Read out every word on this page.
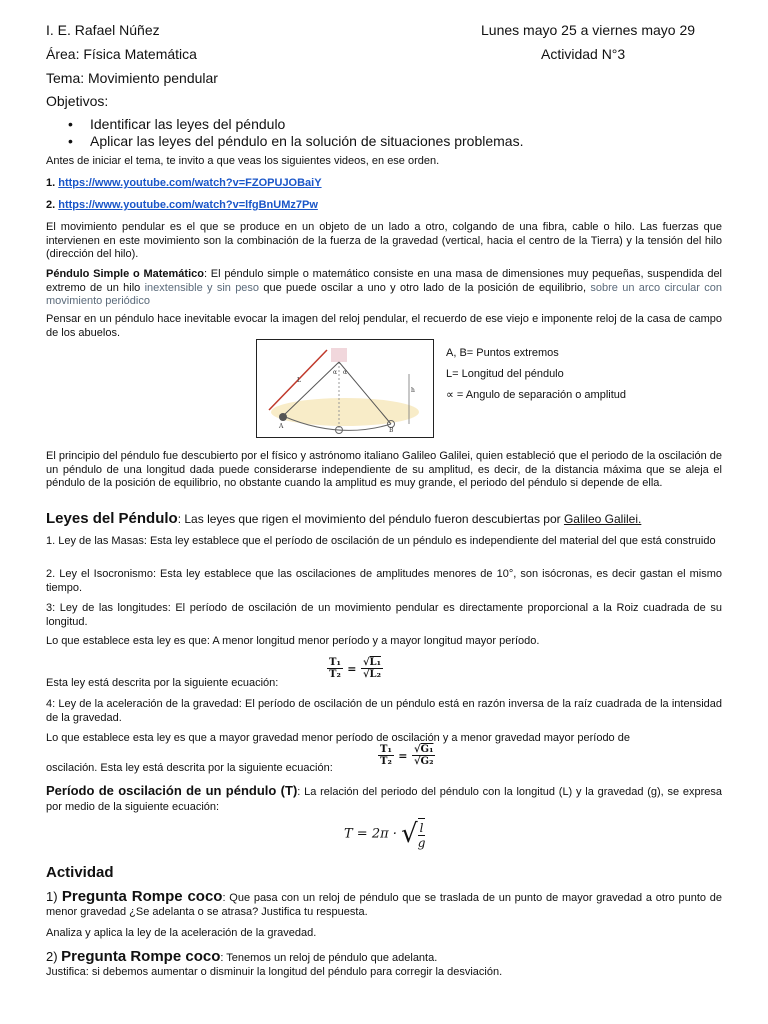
I. E. Rafael Núñez	Lunes mayo 25 a viernes mayo 29
Área: Física Matemática	Actividad N°3
Tema: Movimiento pendular
Objetivos:
• Identificar las leyes del péndulo
• Aplicar las leyes del péndulo en la solución de situaciones problemas.
Antes de iniciar el tema, te invito a que veas los siguientes videos, en ese orden.
1. https://www.youtube.com/watch?v=FZOPUJOBaiY
2. https://www.youtube.com/watch?v=lfgBnUMz7Pw
El movimiento pendular es el que se produce en un objeto de un lado a otro, colgando de una fibra, cable o hilo. Las fuerzas que intervienen en este movimiento son la combinación de la fuerza de la gravedad (vertical, hacia el centro de la Tierra) y la tensión del hilo (dirección del hilo).
Péndulo Simple o Matemático: El péndulo simple o matemático consiste en una masa de dimensiones muy pequeñas, suspendida del extremo de un hilo inextensible y sin peso que puede oscilar a uno y otro lado de la posición de equilibrio, sobre un arco circular con movimiento periódico
Pensar en un péndulo hace inevitable evocar la imagen del reloj pendular, el recuerdo de ese viejo e imponente reloj de la casa de campo de los abuelos.
L
h
A
B
α α
A, B= Puntos extremos
L= Longitud del péndulo
∝ = Angulo de separación o amplitud
El principio del péndulo fue descubierto por el físico y astrónomo italiano Galileo Galilei, quien estableció que el periodo de la oscilación de un péndulo de una longitud dada puede considerarse independiente de su amplitud, es decir, de la distancia máxima que se aleja el péndulo de la posición de equilibrio, no obstante cuando la amplitud es muy grande, el periodo del péndulo si depende de ella.
Leyes del Péndulo: Las leyes que rigen el movimiento del péndulo fueron descubiertas por Galileo Galilei.
1. Ley de las Masas: Esta ley establece que el período de oscilación de un péndulo es independiente del material del que está construido
2. Ley el Isocronismo: Esta ley establece que las oscilaciones de amplitudes menores de 10°, son isócronas, es decir gastan el mismo tiempo.
3: Ley de las longitudes: El período de oscilación de un movimiento pendular es directamente proporcional a la Roiz cuadrada de su longitud.
Lo que establece esta ley es que: A menor longitud menor período y a mayor longitud mayor período.
Esta ley está descrita por la siguiente ecuación:
$\frac{\text{T₁}}{\text{T₂}} = \frac{\text{√L₁}}{\text{√L₂}}$
4: Ley de la aceleración de la gravedad: El período de oscilación de un péndulo está en razón inversa de la raíz cuadrada de la intensidad de la gravedad.
Lo que establece esta ley es que a mayor gravedad menor período de oscilación y a menor gravedad mayor período de
oscilación. Esta ley está descrita por la siguiente ecuación:
$\frac{\text{T₁}}{\text{T₂}} = \frac{\text{√G₁}}{\text{√G₂}}$
Período de oscilación de un péndulo (T): La relación del periodo del péndulo con la longitud (L) y la gravedad (g), se expresa por medio de la siguiente ecuación:
T = 2π · √ $\frac{l}{g}$
Actividad
1) Pregunta Rompe coco: Que pasa con un reloj de péndulo que se traslada de un punto de mayor gravedad a otro punto de menor gravedad ¿Se adelanta o se atrasa? Justifica tu respuesta.
Analiza y aplica la ley de la aceleración de la gravedad.
2) Pregunta Rompe coco: Tenemos un reloj de péndulo que adelanta.
Justifica: si debemos aumentar o disminuir la longitud del péndulo para corregir la desviación.
